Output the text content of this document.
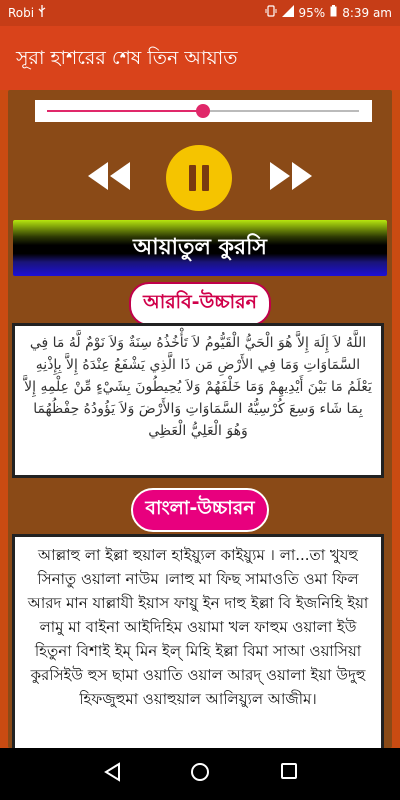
Robi	95% 8:39 am
সূরা হাশরের শেষ তিন আয়াত
আয়াতুল কুরসি
আরবি-উচ্চারন

اللَّهُ لاَ إِلَهَ إِلاَّ هُوَ الْحَيُّ الْقَيُّومُ لاَ تَأْخُذُهُ سِنَةٌ وَلاَ نَوْمٌ لَّهُ مَا فِي السَّمَاوَاتِ وَمَا فِي الأَرْضِ مَن ذَا الَّذِي يَشْفَعُ عِنْدَهُ إِلاَّ بِإِذْنِهِ يَعْلَمُ مَا بَيْنَ أَيْدِيهِمْ وَمَا خَلْفَهُمْ وَلاَ يُحِيطُونَ بِشَيْءٍ مِّنْ عِلْمِهِ إِلاَّ بِمَا شَاء وَسِعَ كُرْسِيُّهُ السَّمَاوَاتِ وَالأَرْضَ وَلاَ يَؤُودُهُ حِفْظُهُمَا وَهُوَ الْعَلِيُّ الْعَظِي

বাংলা-উচ্চারন

আল্লাহু লা ইল্লা হুয়াল হাইয়্যুল কাইয়্যুম । লা...তা খুযহু সিনাতু ওয়ালা নাউম ।লাহু মা ফিছ সামাওতি ওমা ফিল আরদ মান যাল্লাযী ইয়াস ফায়ু ইন দাহু ইল্লা বি ইজনিহি ইয়া লামু মা বাইনা আইদিহিম ওয়ামা খল ফাহুম ওয়ালা ইউ হিতুনা বিশাই ইম্ মিন ইল্ মিহি ইল্লা বিমা সাআ ওয়াসিয়া কুরসিইউ হুস ছামা ওয়াতি ওয়াল আরদ্ ওয়ালা ইয়া উদুহু হিফজুহুমা ওয়াহুয়াল আলিয়্যুল আজীম।
